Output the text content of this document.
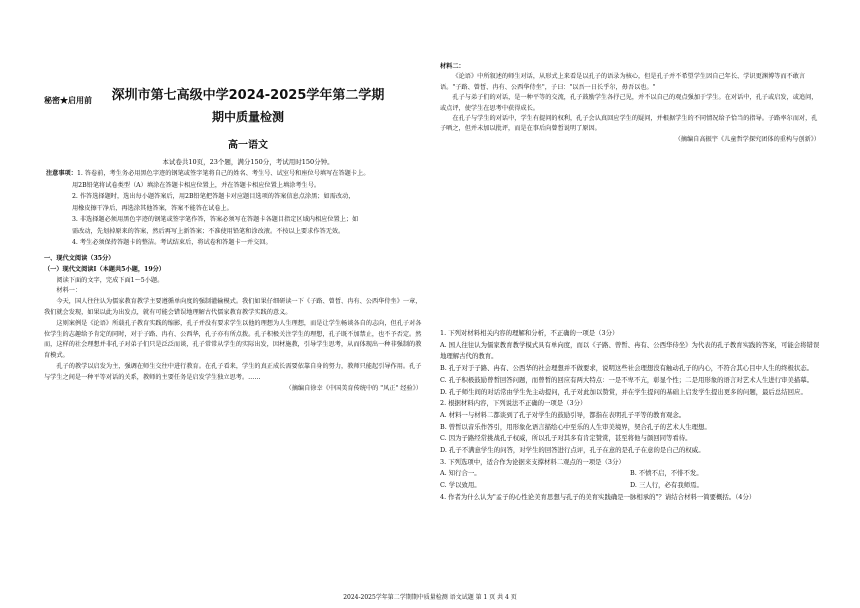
秘密★启用前	深圳市第七高级中学2024-2025学年第二学期
期中质量检测
高一语文
本试卷共10页，23个题，满分150分，考试用时150分钟。

注意事项：1. 答卷前，考生务必用黑色字迹的钢笔或签字笔将自己的姓名、考生号、试室号和座位号填写在答题卡上。

用2B铅笔将试卷类型（A）填涂在答题卡相应位置上，并在答题卡相应位置上填涂考生号。

2. 作答选择题时，选出每小题答案后，用2B铅笔把答题卡对应题目选项的答案信息点涂黑；如需改动，

用橡皮擦干净后，再选涂其他答案，答案不能答在试卷上。

3. 非选择题必须用黑色字迹的钢笔或签字笔作答，答案必须写在答题卡各题目指定区域内相应位置上；如

需改动，先划掉原来的答案，然后再写上新答案；不准使用铅笔和涂改液。不按以上要求作答无效。

4. 考生必须保持答题卡的整洁。考试结束后，将试卷和答题卡一并交回。

一、现代文阅读（35分）

（一）现代文阅读Ⅰ（本题共5小题，19分）

阅读下面的文字，完成下面1～5小题。

材料一：

今天，国人往往认为儒家教育教学主要遵循单向度的强制灌输模式。我们如果仔细研读一下《子路、曾皙、冉有、公西华侍坐》一章，我们就会发现，如果以此为出发点，就有可能会错误地理解古代儒家教育教学实践的意义。

这则案例是《论语》所载孔子教育实践的缩影，孔子并没有要求学生以他的理想为人生理想，而是让学生畅谈各自的志向，但孔子对各位学生的志趣给予肯定的同时，对于子路、冉有、公西华，孔子亦有所点拨。孔子积极关注学生的理想，孔子既不加禁止，也不予否定。然而，这样的社会理想并非孔子对弟子们只是泛泛而谈，孔子常常从学生的实际出发，因材施教，引导学生思考，从而体现出一种非强制的教育模式。

孔子的教学以启发为主，强调在师生交往中进行教育。在孔子看来，学生的真正成长需要依靠自身的努力，教师只能起引导作用。孔子与学生之间是一种平等对话的关系，教师的主要任务是启发学生独立思考。……

（摘编自徐幸《中国美育传统中的 "风正" 经验》）

材料二：

《论语》中所叙述的师生对话，从形式上来看是以孔子的语录为核心，但是孔子并不希望学生因自己年长、学识更渊博等而不敢言语。"子路、曾皙、冉有、公西华侍坐"，子曰："以吾一日长乎尔，毋吾以也。"

孔子与弟子们的对话，是一种平等的交流，孔子鼓励学生各抒己见，并不以自己的观点强加于学生。在对话中，孔子或启发，或追问，或点评，使学生在思考中获得成长。

在孔子与学生的对话中，学生有提问的权利，孔子会认真回应学生的疑问，并根据学生的不同情况给予恰当的指导。子路率尔而对，孔子哂之，但并未加以批评，而是在事后向曾皙说明了原因。

（摘编自高振宇《儿童哲学探究团体的重构与创新》）

1. 下列对材料相关内容的理解和分析，不正确的一项是（3分）

A. 国人往往认为儒家教育教学模式具有单向度，而以《子路、曾皙、冉有、公西华侍坐》为代表的孔子教育实践的答案，可能会将错误地理解古代的教育。

B. 孔子对于子路、冉有、公西华的社会理想并不做要求，说明这些社会理想没有触动孔子的内心，不符合其心目中人生的终极状态。

C. 孔子积极鼓励曾皙回答问题，而曾皙的回应有两大特点：一是不卑不亢，彰显个性；二是用形象的语言对艺术人生进行审美描摹。

D. 孔子师生间的对话常由学生先主动提问，孔子对此加以赞赏，并在学生提问的基础上启发学生提出更多的问题，最后总结回应。

2. 根据材料内容，下列说法不正确的一项是（3分）

A. 材料一与材料二都谈到了孔子对学生的鼓励引导，都指在表明孔子平等的教育观念。

B. 曾皙以音乐作答引，用形象化语言描绘心中至乐的人生审美境界，契合孔子的艺术人生理想。

C. 因为子路经常挑战孔子权威，所以孔子对其多有肯定赞赏，甚至将他与颜回同等看待。

D. 孔子不满意学生的问答，对学生的回答进行点评，孔子在意的是孔子在意的是自己的权威。

3. 下列选项中，适合作为论据来支撑材料二观点的一项是（3分）

A. 知行合一。	B. 不愤不启，不悱不发。
C. 学以致用。	D. 三人行，必有我师焉。

4. 作者为什么认为"孟子的心性论美育思想与孔子的美育实践确是一脉相承的"？请结合材料一简要概括。（4分）

2024-2025学年第二学期期中质量检测 语文试题 第 1 页 共 4 页
